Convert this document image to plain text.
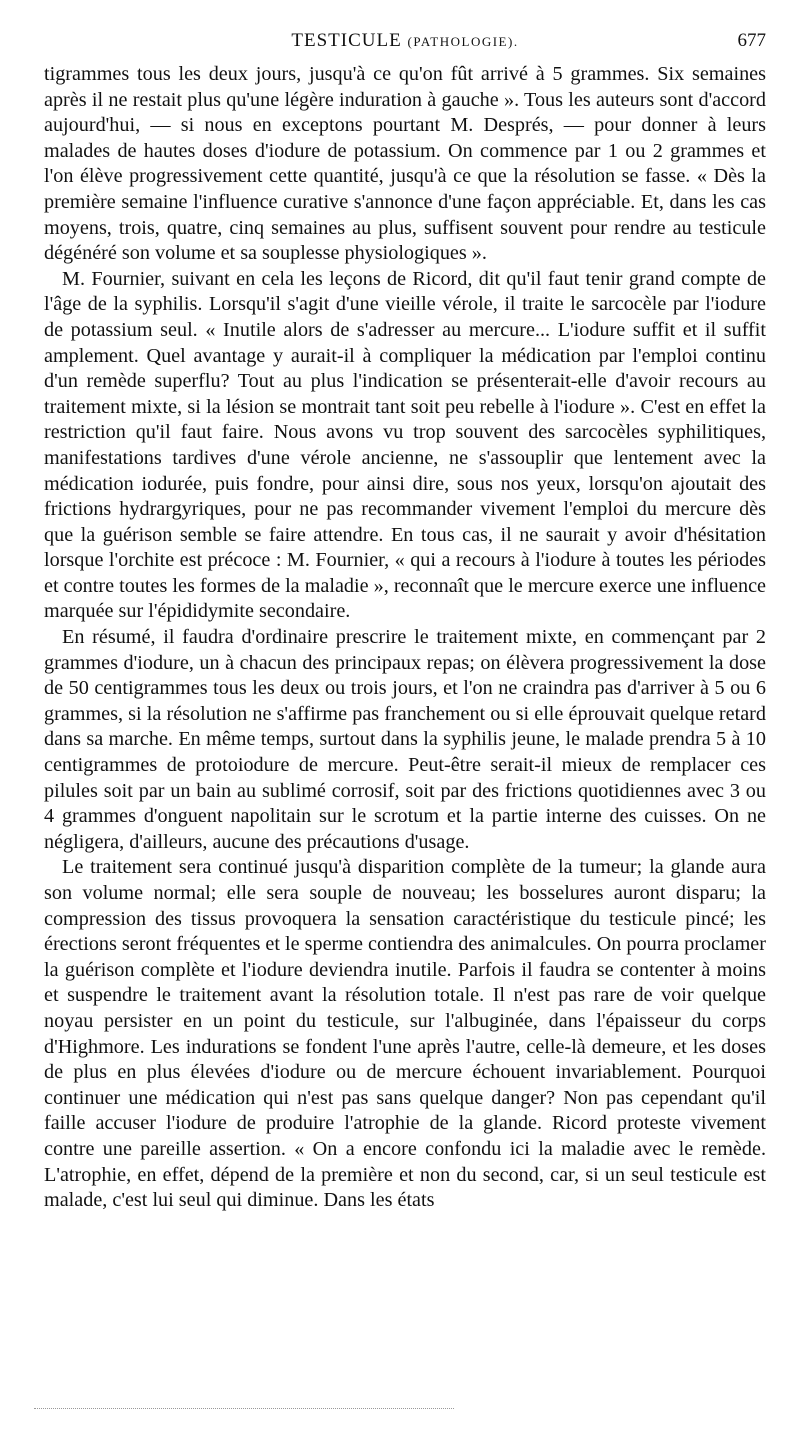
TESTICULE (PATHOLOGIE).	677

tigrammes tous les deux jours, jusqu'à ce qu'on fût arrivé à 5 grammes. Six semaines après il ne restait plus qu'une légère induration à gauche ». Tous les auteurs sont d'accord aujourd'hui, — si nous en exceptons pourtant M. Després, — pour donner à leurs malades de hautes doses d'iodure de potassium. On commence par 1 ou 2 grammes et l'on élève progressivement cette quantité, jusqu'à ce que la résolution se fasse. « Dès la première semaine l'influence curative s'annonce d'une façon appréciable. Et, dans les cas moyens, trois, quatre, cinq semaines au plus, suffisent souvent pour rendre au testicule dégénéré son volume et sa souplesse physiologiques ».

M. Fournier, suivant en cela les leçons de Ricord, dit qu'il faut tenir grand compte de l'âge de la syphilis. Lorsqu'il s'agit d'une vieille vérole, il traite le sarcocèle par l'iodure de potassium seul. « Inutile alors de s'adresser au mercure... L'iodure suffit et il suffit amplement. Quel avantage y aurait-il à compliquer la médication par l'emploi continu d'un remède superflu? Tout au plus l'indication se présenterait-elle d'avoir recours au traitement mixte, si la lésion se montrait tant soit peu rebelle à l'iodure ». C'est en effet la restriction qu'il faut faire. Nous avons vu trop souvent des sarcocèles syphilitiques, manifestations tardives d'une vérole ancienne, ne s'assouplir que lentement avec la médication iodurée, puis fondre, pour ainsi dire, sous nos yeux, lorsqu'on ajoutait des frictions hydrargyriques, pour ne pas recommander vivement l'emploi du mercure dès que la guérison semble se faire attendre. En tous cas, il ne saurait y avoir d'hésitation lorsque l'orchite est précoce : M. Fournier, « qui a recours à l'iodure à toutes les périodes et contre toutes les formes de la maladie », reconnaît que le mercure exerce une influence marquée sur l'épididymite secondaire.

En résumé, il faudra d'ordinaire prescrire le traitement mixte, en commençant par 2 grammes d'iodure, un à chacun des principaux repas; on élèvera progressivement la dose de 50 centigrammes tous les deux ou trois jours, et l'on ne craindra pas d'arriver à 5 ou 6 grammes, si la résolution ne s'affirme pas franchement ou si elle éprouvait quelque retard dans sa marche. En même temps, surtout dans la syphilis jeune, le malade prendra 5 à 10 centigrammes de protoiodure de mercure. Peut-être serait-il mieux de remplacer ces pilules soit par un bain au sublimé corrosif, soit par des frictions quotidiennes avec 3 ou 4 grammes d'onguent napolitain sur le scrotum et la partie interne des cuisses. On ne négligera, d'ailleurs, aucune des précautions d'usage.

Le traitement sera continué jusqu'à disparition complète de la tumeur; la glande aura son volume normal; elle sera souple de nouveau; les bosselures auront disparu; la compression des tissus provoquera la sensation caractéristique du testicule pincé; les érections seront fréquentes et le sperme contiendra des animalcules. On pourra proclamer la guérison complète et l'iodure deviendra inutile. Parfois il faudra se contenter à moins et suspendre le traitement avant la résolution totale. Il n'est pas rare de voir quelque noyau persister en un point du testicule, sur l'albuginée, dans l'épaisseur du corps d'Highmore. Les indurations se fondent l'une après l'autre, celle-là demeure, et les doses de plus en plus élevées d'iodure ou de mercure échouent invariablement. Pourquoi continuer une médication qui n'est pas sans quelque danger? Non pas cependant qu'il faille accuser l'iodure de produire l'atrophie de la glande. Ricord proteste vivement contre une pareille assertion. « On a encore confondu ici la maladie avec le remède. L'atrophie, en effet, dépend de la première et non du second, car, si un seul testicule est malade, c'est lui seul qui diminue. Dans les états
